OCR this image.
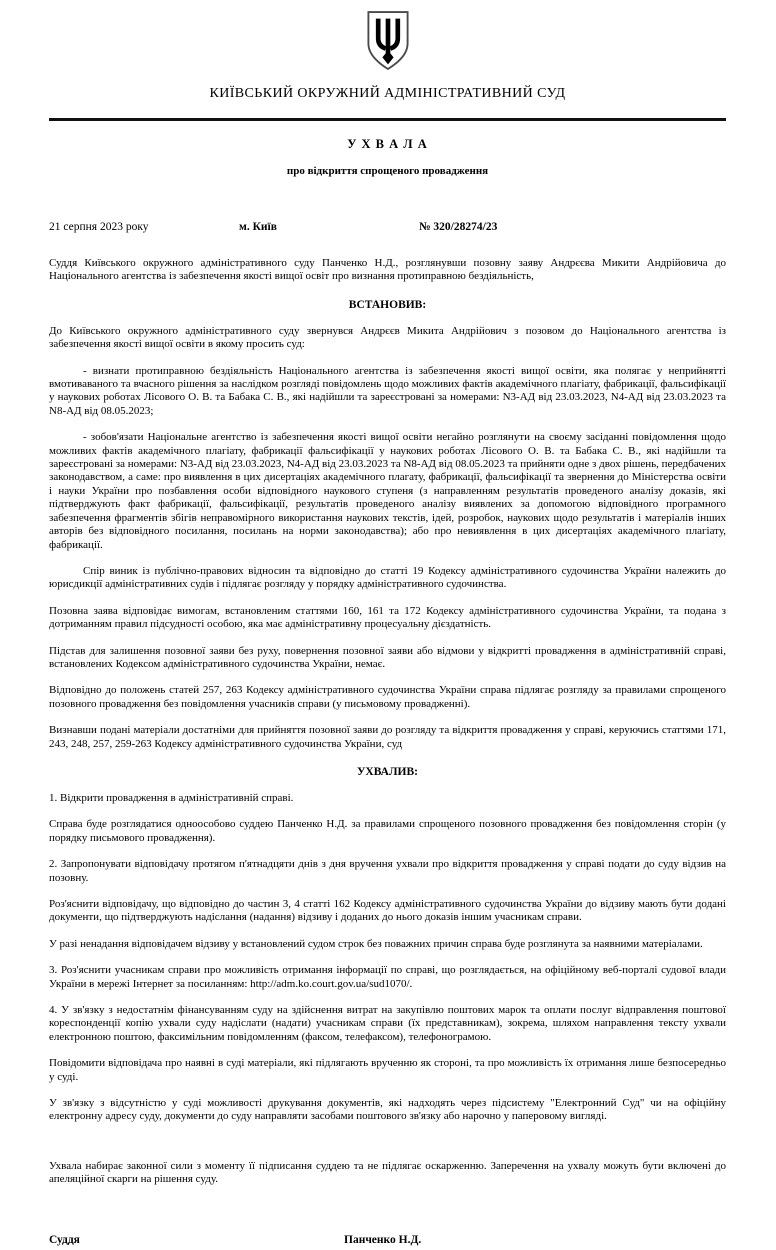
КИЇВСЬКИЙ ОКРУЖНИЙ АДМІНІСТРАТИВНИЙ СУД
У Х В А Л А
про відкриття спрощеного провадження
21 серпня 2023 року	м. Київ	№ 320/28274/23

Суддя Київського окружного адміністративного суду Панченко Н.Д., розглянувши позовну заяву Андрєєва Микити Андрійовича до Національного агентства із забезпечення якості вищої освіт про визнання протиправною бездіяльність,

ВСТАНОВИВ:

До Київського окружного адміністративного суду звернувся Андрєєв Микита Андрійович з позовом до Національного агентства із забезпечення якості вищої освіти в якому просить суд:

- визнати протиправною бездіяльність Національного агентства із забезпечення якості вищої освіти, яка полягає у неприйнятті вмотиваваного та вчасного рішення за наслідком розгляді повідомлень щодо можливих фактів академічного плагіату, фабрикації, фальсифікації у наукових роботах Лісового О. В. та Бабака С. В., які надійшли та зареєстровані за номерами: N3-АД від 23.03.2023, N4-АД від 23.03.2023 та N8-АД від 08.05.2023;

- зобов'язати Національне агентство із забезпечення якості вищої освіти негайно розглянути на своєму засіданні повідомлення щодо можливих фактів академічного плагіату, фабрикації фальсифікації у наукових роботах Лісового О. В. та Бабака С. В., які надійшли та зареєстровані за номерами: N3-АД від 23.03.2023, N4-АД від 23.03.2023 та N8-АД від 08.05.2023 та прийняти одне з двох рішень, передбачених законодавством, а саме: про виявлення в цих дисертаціях академічного плагату, фабрикації, фальсифікації та звернення до Міністерства освіти і науки України про позбавлення особи відповідного наукового ступеня (з направленням результатів проведеного аналізу доказів, які підтверджують факт фабрикації, фальсифікації, результатів проведеного аналізу виявлених за допомогою відповідного програмного забезпечення фрагментів збігів неправомірного використання наукових текстів, ідей, розробок, наукових щодо результатів і матеріалів інших авторів без відповідного посилання, посилань на норми законодавства); або про невиявлення в цих дисертаціях академічного плагіату, фабрикації.

Спір виник із публічно-правових відносин та відповідно до статті 19 Кодексу адміністративного судочинства України належить до юрисдикції адміністративних судів і підлягає розгляду у порядку адміністративного судочинства.

Позовна заява відповідає вимогам, встановленим статтями 160, 161 та 172 Кодексу адміністративного судочинства України, та подана з дотриманням правил підсудності особою, яка має адміністративну процесуальну дієздатність.

Підстав для залишення позовної заяви без руху, повернення позовної заяви або відмови у відкритті провадження в адміністративній справі, встановлених Кодексом адміністративного судочинства України, немає.

Відповідно до положень статей 257, 263 Кодексу адміністративного судочинства України справа підлягає розгляду за правилами спрощеного позовного провадження без повідомлення учасників справи (у письмовому провадженні).

Визнавши подані матеріали достатніми для прийняття позовної заяви до розгляду та відкриття провадження у справі, керуючись статтями 171, 243, 248, 257, 259-263 Кодексу адміністративного судочинства України, суд

УХВАЛИВ:

1. Відкрити провадження в адміністративній справі.

Справа буде розглядатися одноособово суддею Панченко Н.Д. за правилами спрощеного позовного провадження без повідомлення сторін (у порядку письмового провадження).

2. Запропонувати відповідачу протягом п'ятнадцяти днів з дня вручення ухвали про відкриття провадження у справі подати до суду відзив на позовну.

Роз'яснити відповідачу, що відповідно до частин 3, 4 статті 162 Кодексу адміністративного судочинства України до відзиву мають бути додані документи, що підтверджують надіслання (надання) відзиву і доданих до нього доказів іншим учасникам справи.

У разі ненадання відповідачем відзиву у встановлений судом строк без поважних причин справа буде розглянута за наявними матеріалами.

3. Роз'яснити учасникам справи про можливість отримання інформації по справі, що розглядається, на офіційному веб-порталі судової влади України в мережі Інтернет за посиланням: http://adm.ko.court.gov.ua/sud1070/.

4. У зв'язку з недостатнім фінансуванням суду на здійснення витрат на закупівлю поштових марок та оплати послуг відправлення поштової кореспонденції копію ухвали суду надіслати (надати) учасникам справи (їх представникам), зокрема, шляхом направлення тексту ухвали електронною поштою, факсимільним повідомленням (факсом, телефаксом), телефонограмою.

Повідомити відповідача про наявні в суді матеріали, які підлягають врученню як стороні, та про можливість їх отримання лише безпосередньо у суді.

У зв'язку з відсутністю у суді можливості друкування документів, які надходять через підсистему "Електронний Суд" чи на офіційну електронну адресу суду, документи до суду направляти засобами поштового зв'язку або нарочно у паперовому вигляді.

Ухвала набирає законної сили з моменту її підписання суддею та не підлягає оскарженню. Заперечення на ухвалу можуть бути включені до апеляційної скарги на рішення суду.

Суддя	Панченко Н.Д.
